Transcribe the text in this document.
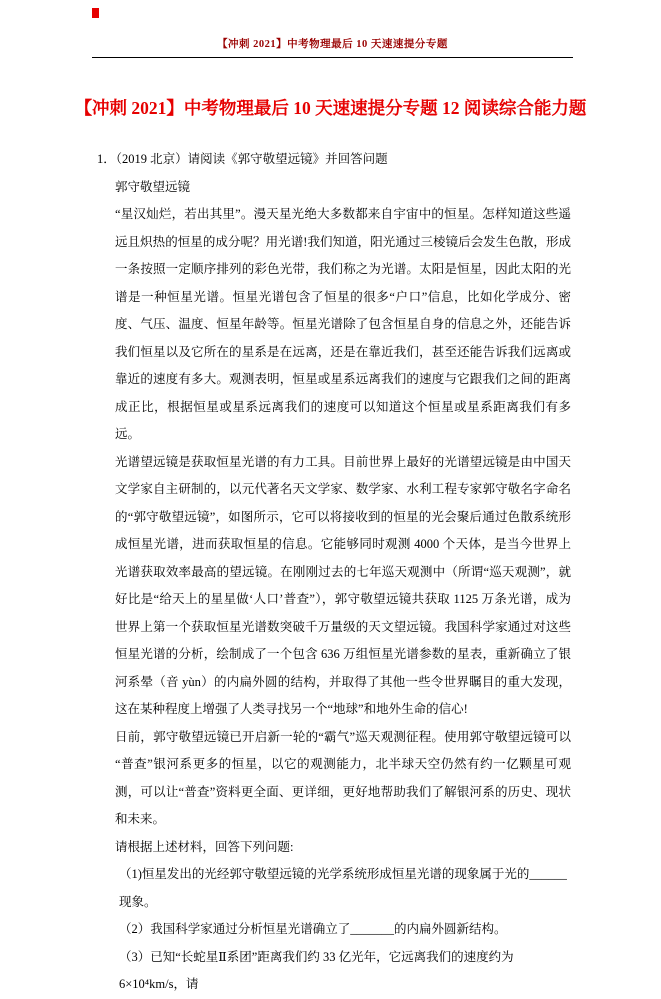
【冲刺 2021】中考物理最后 10 天速速提分专题
【冲刺 2021】中考物理最后 10 天速速提分专题 12 阅读综合能力题
1．（2019 北京）请阅读《郭守敬望远镜》并回答问题
郭守敬望远镜
“星汉灿烂，若出其里”。漫天星光绝大多数都来自宇宙中的恒星。怎样知道这些遥远且炽热的恒星的成分呢？用光谱!我们知道，阳光通过三棱镜后会发生色散，形成一条按照一定顺序排列的彩色光带，我们称之为光谱。太阳是恒星，因此太阳的光谱是一种恒星光谱。恒星光谱包含了恒星的很多“户口”信息，比如化学成分、密度、气压、温度、恒星年龄等。恒星光谱除了包含恒星自身的信息之外，还能告诉我们恒星以及它所在的星系是在远离，还是在靠近我们，甚至还能告诉我们远离或靠近的速度有多大。观测表明，恒星或星系远离我们的速度与它跟我们之间的距离成正比，根据恒星或星系远离我们的速度可以知道这个恒星或星系距离我们有多远。
光谱望远镜是获取恒星光谱的有力工具。目前世界上最好的光谱望远镜是由中国天文学家自主研制的，以元代著名天文学家、数学家、水利工程专家郭守敬名字命名的“郭守敬望远镜”，如图所示，它可以将接收到的恒星的光会聚后通过色散系统形成恒星光谱，进而获取恒星的信息。它能够同时观测 4000 个天体，是当今世界上光谱获取效率最高的望远镜。在刚刚过去的七年巡天观测中（所谓“巡天观测”，就好比是“给天上的星星做‘人口’普查”），郭守敬望远镜共获取 1125 万条光谱，成为世界上第一个获取恒星光谱数突破千万量级的天文望远镜。我国科学家通过对这些恒星光谱的分析，绘制成了一个包含 636 万组恒星光谱参数的星表，重新确立了银河系晕（音 yùn）的内扁外圆的结构，并取得了其他一些令世界瞩目的重大发现，这在某种程度上增强了人类寻找另一个“地球”和地外生命的信心!
日前，郭守敬望远镜已开启新一轮的“霸气”巡天观测征程。使用郭守敬望远镜可以“普查”银河系更多的恒星，以它的观测能力，北半球天空仍然有约一亿颗星可观测，可以让“普查”资料更全面、更详细，更好地帮助我们了解银河系的历史、现状和未来。
请根据上述材料，回答下列问题:
（1)恒星发出的光经郭守敬望远镜的光学系统形成恒星光谱的现象属于光的______现象。
（2）我国科学家通过分析恒星光谱确立了_______的内扁外圆新结构。
（3）已知“长蛇星Ⅱ系团”距离我们约 33 亿光年，它远离我们的速度约为 6×10⁴km/s，请
